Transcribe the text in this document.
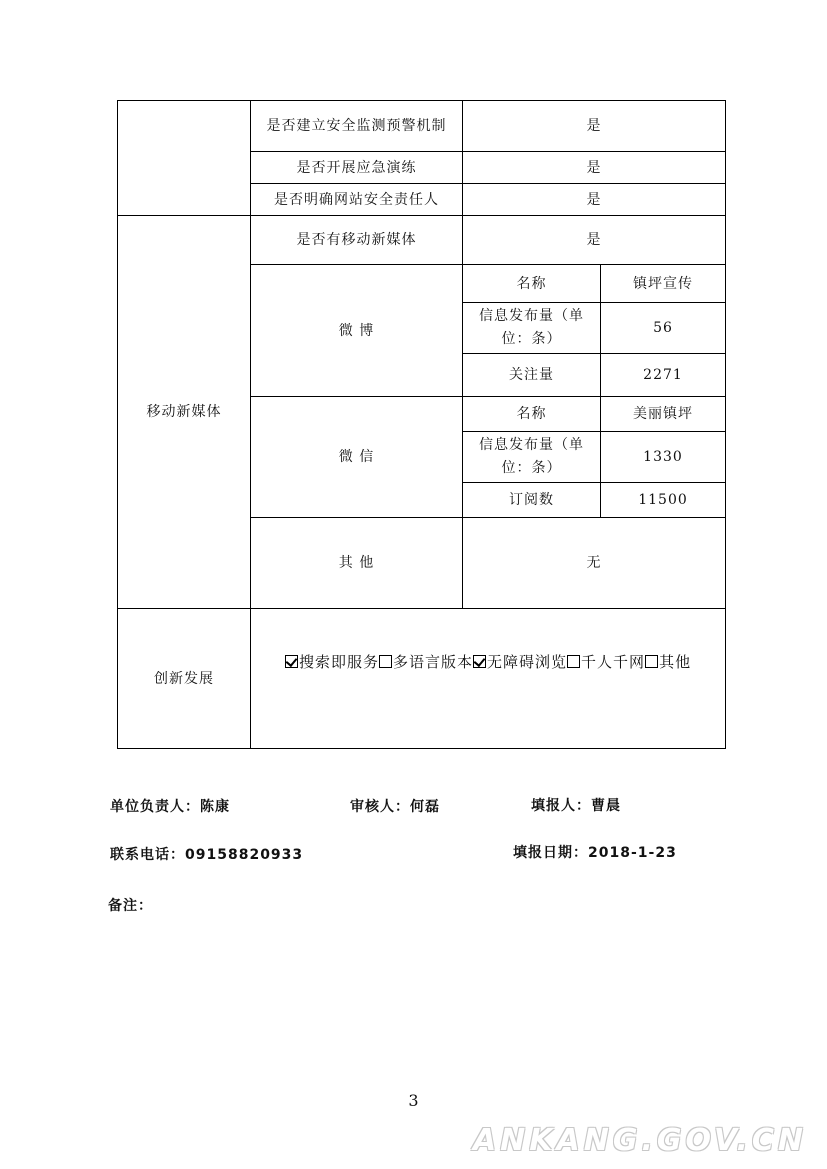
	是否建立安全监测预警机制	是	
	是否开展应急演练	是	
	是否明确网站安全责任人	是	
移动新媒体	是否有移动新媒体	是	
	微 博	名称	镇坪宣传
		信息发布量（单位：条）	56
		关注量	2271
	微 信	名称	美丽镇坪
		信息发布量（单位：条）	1330
		订阅数	11500
	其 他	无	
创新发展	搜索即服务 多语言版本 无障碍浏览 千人千网 其他		
单位负责人：陈康	审核人：何磊	填报人：曹晨
联系电话：09158820933	填报日期：2018-1-23
备注：
3
ANKANG.GOV.CN
